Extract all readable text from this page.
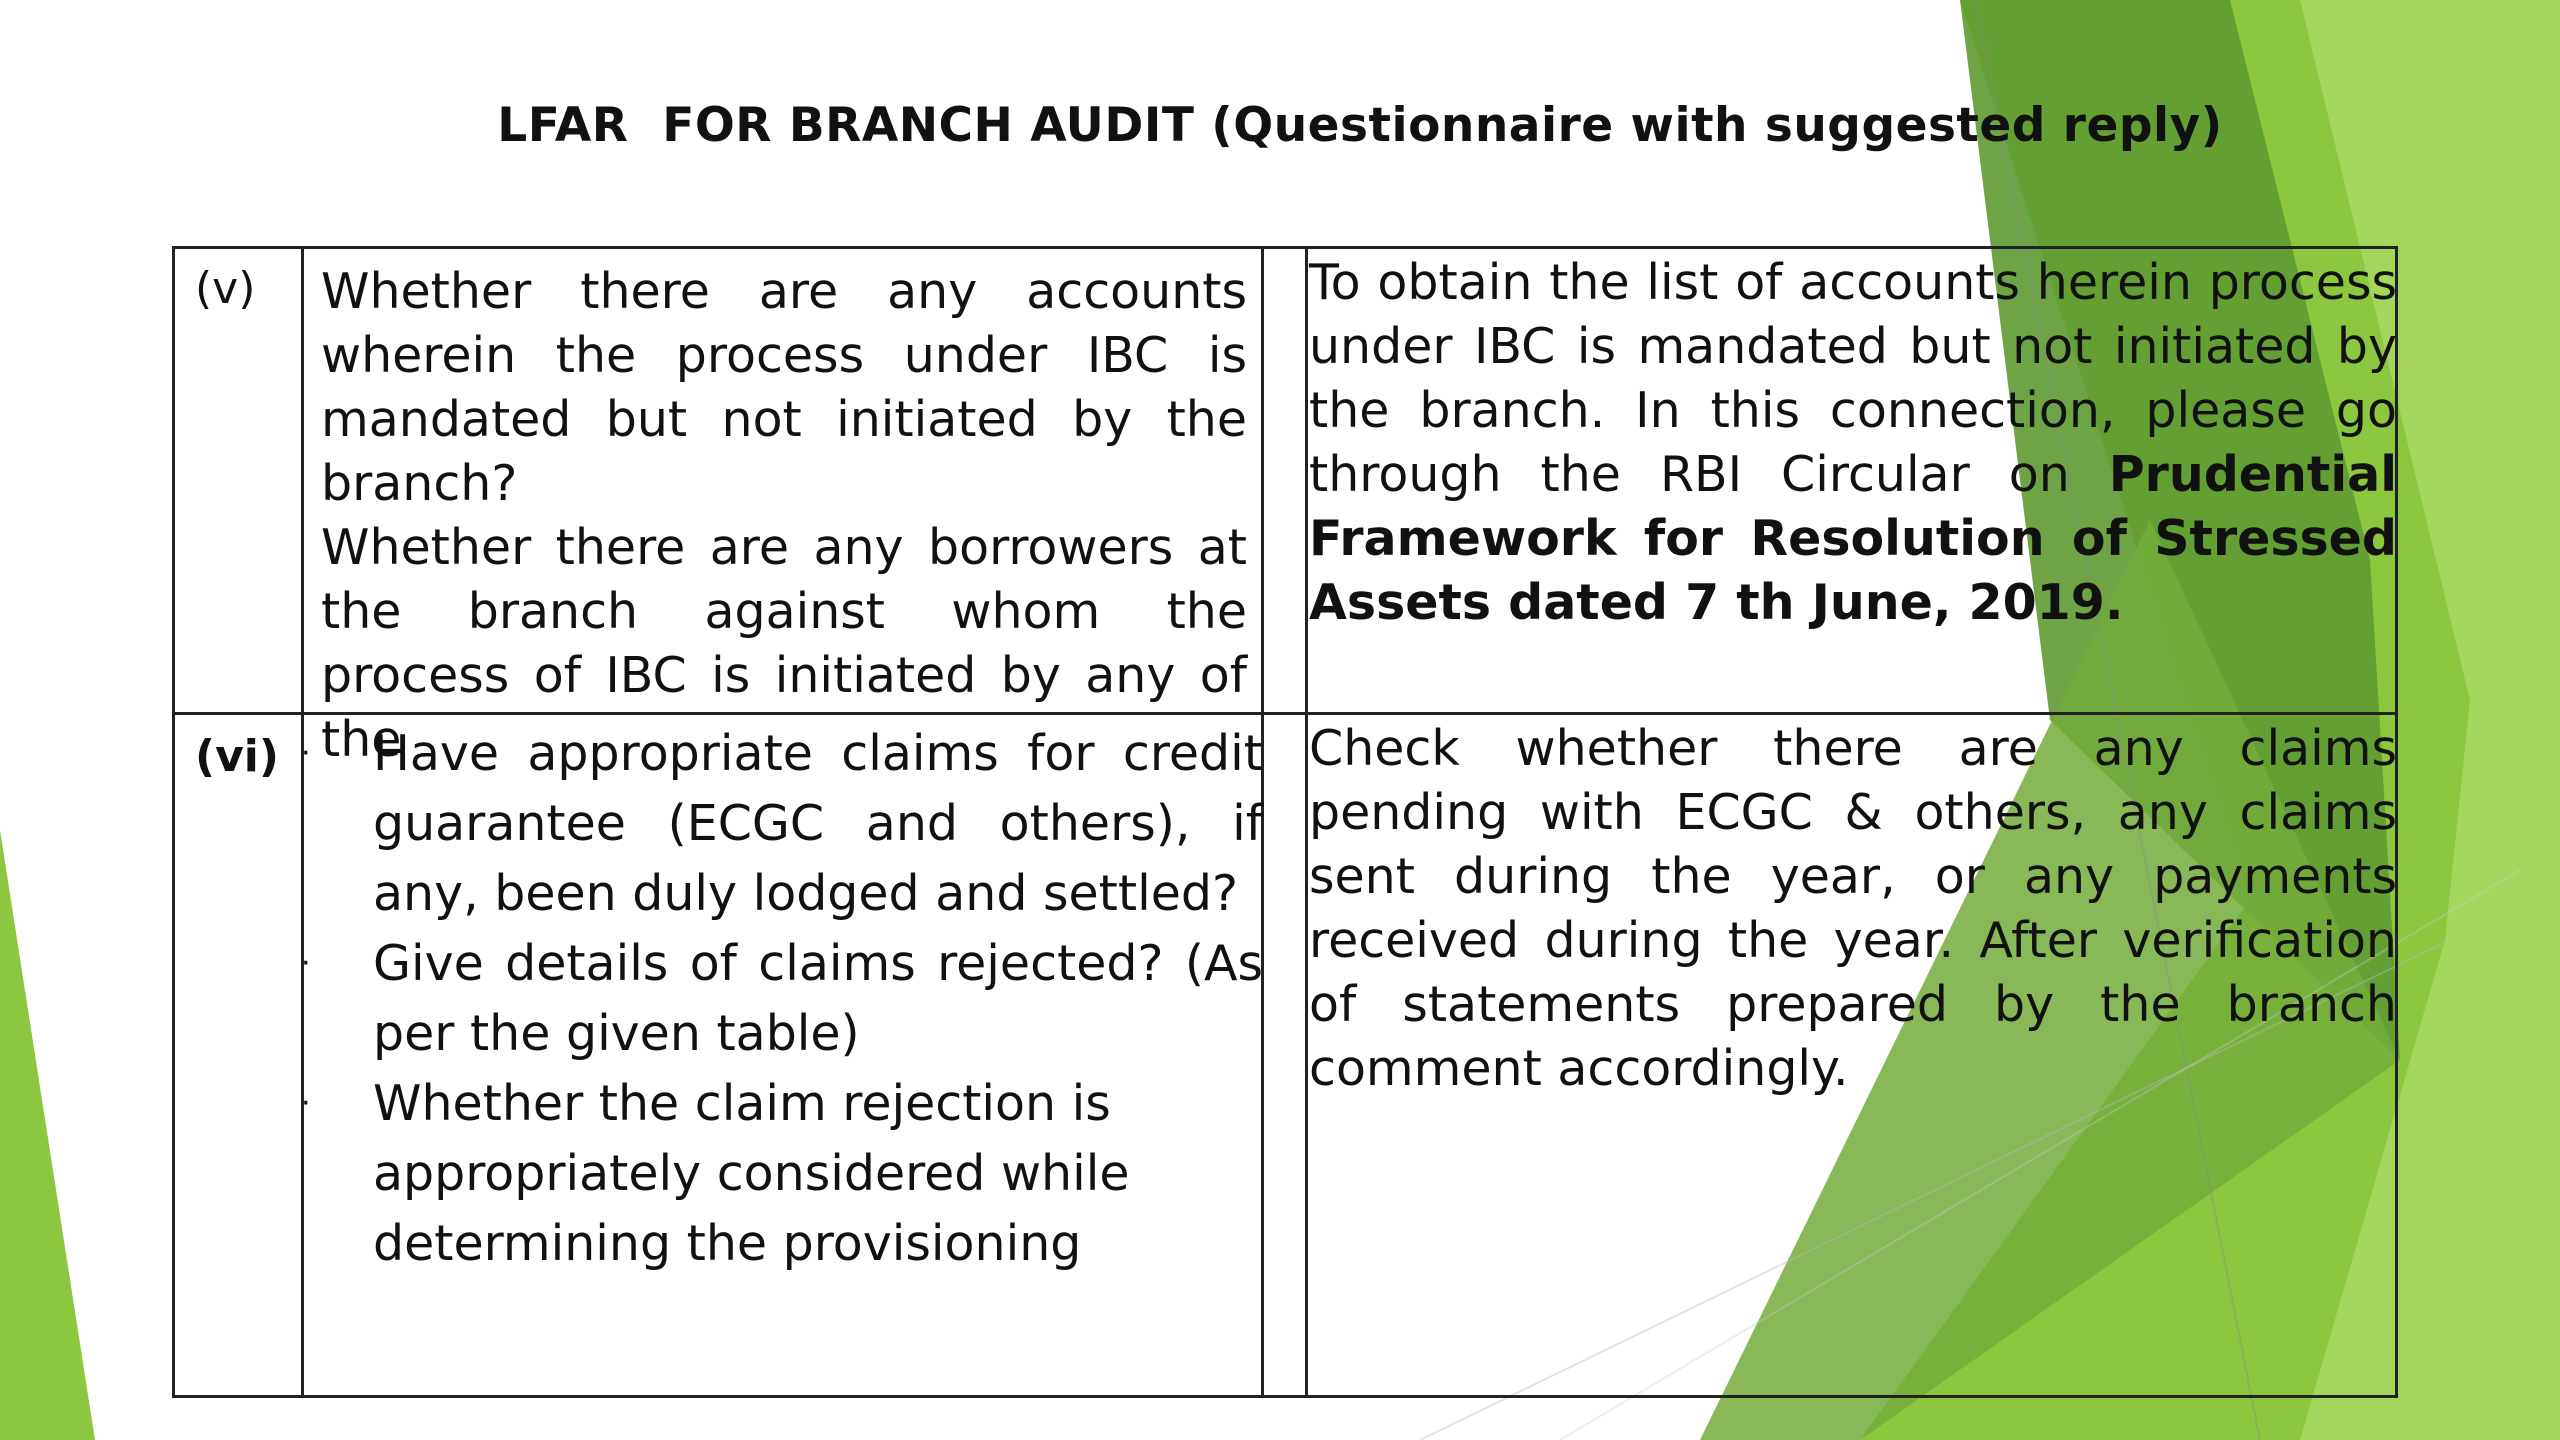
LFAR  FOR BRANCH AUDIT (Questionnaire with suggested reply)
(v) Whether there are any accounts wherein the process under IBC is mandated but not initiated by the branch?
Whether there are any borrowers at the branch against whom the process of IBC is initiated by any of the
To obtain the list of accounts herein process under IBC is mandated but not initiated by the branch. In this connection, please go through the RBI Circular on Prudential Framework for Resolution of Stressed Assets dated 7 th June, 2019.
(vi) · Have appropriate claims for credit guarantee (ECGC and others), if any, been duly lodged and settled?
· Give details of claims rejected? (As per the given table)
· Whether the claim rejection is appropriately considered while determining the provisioning
Check whether there are any claims pending with ECGC & others, any claims sent during the year, or any payments received during the year. After verification of statements prepared by the branch comment accordingly.
